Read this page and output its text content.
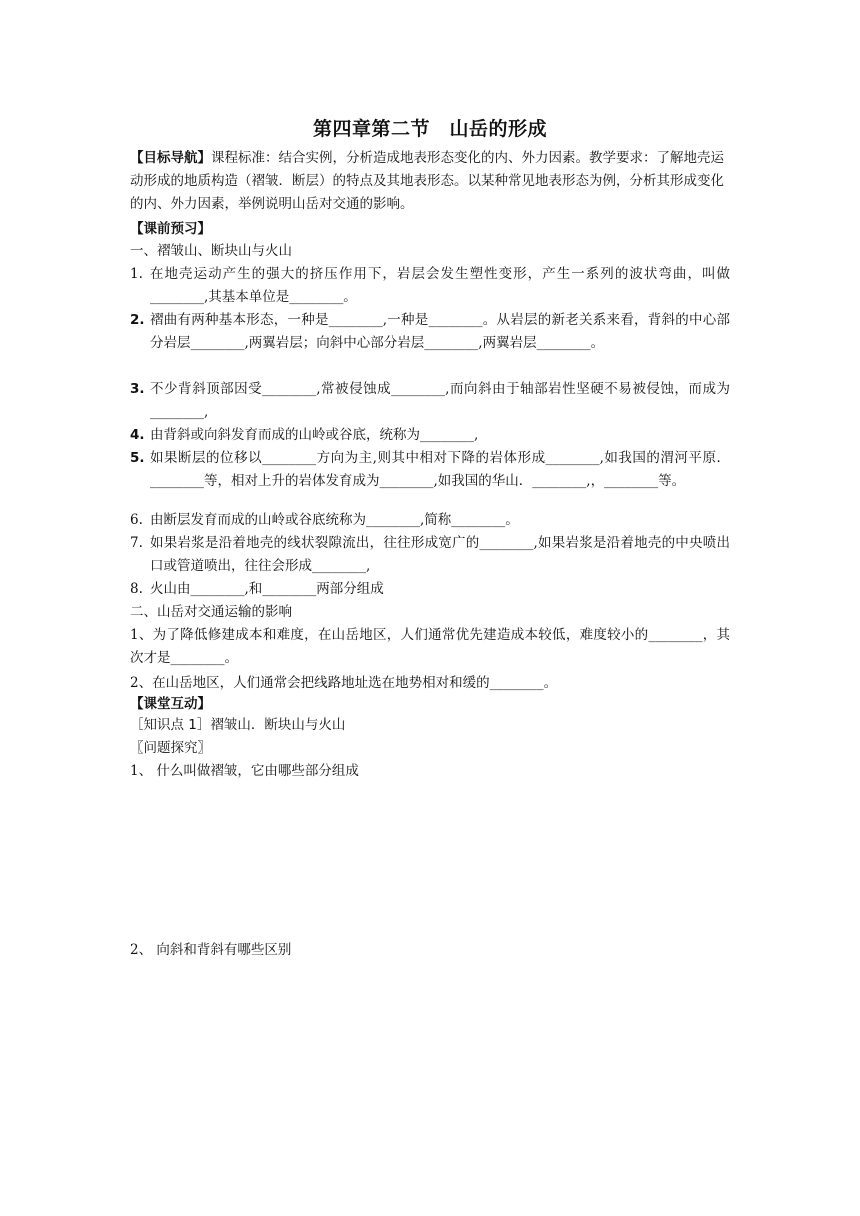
第四章第二节　山岳的形成
【目标导航】课程标准：结合实例，分析造成地表形态变化的内、外力因素。教学要求：了解地壳运动形成的地质构造（褶皱．断层）的特点及其地表形态。以某种常见地表形态为例，分析其形成变化的内、外力因素，举例说明山岳对交通的影响。
【课前预习】
一、褶皱山、断块山与火山
1. 在地壳运动产生的强大的挤压作用下，岩层会发生塑性变形，产生一系列的波状弯曲，叫做________,其基本单位是________。
2. 褶曲有两种基本形态，一种是________,一种是________。从岩层的新老关系来看，背斜的中心部分岩层________,两翼岩层；向斜中心部分岩层________,两翼岩层________。
3. 不少背斜顶部因受________,常被侵蚀成________,而向斜由于轴部岩性坚硬不易被侵蚀，而成为________,
4. 由背斜或向斜发育而成的山岭或谷底，统称为________,
5. 如果断层的位移以________方向为主,则其中相对下降的岩体形成________,如我国的渭河平原．________等，相对上升的岩体发育成为________,如我国的华山．________,，________等。
6. 由断层发育而成的山岭或谷底统称为________,简称________。
7. 如果岩浆是沿着地壳的线状裂隙流出，往往形成宽广的________,如果岩浆是沿着地壳的中央喷出口或管道喷出，往往会形成________,
8. 火山由________,和________两部分组成
二、山岳对交通运输的影响
1、为了降低修建成本和难度，在山岳地区，人们通常优先建造成本较低，难度较小的________，其次才是________。
2、在山岳地区，人们通常会把线路地址选在地势相对和缓的________。
【课堂互动】
［知识点 1］褶皱山．断块山与火山
〖问题探究〗
1、 什么叫做褶皱，它由哪些部分组成
2、 向斜和背斜有哪些区别
